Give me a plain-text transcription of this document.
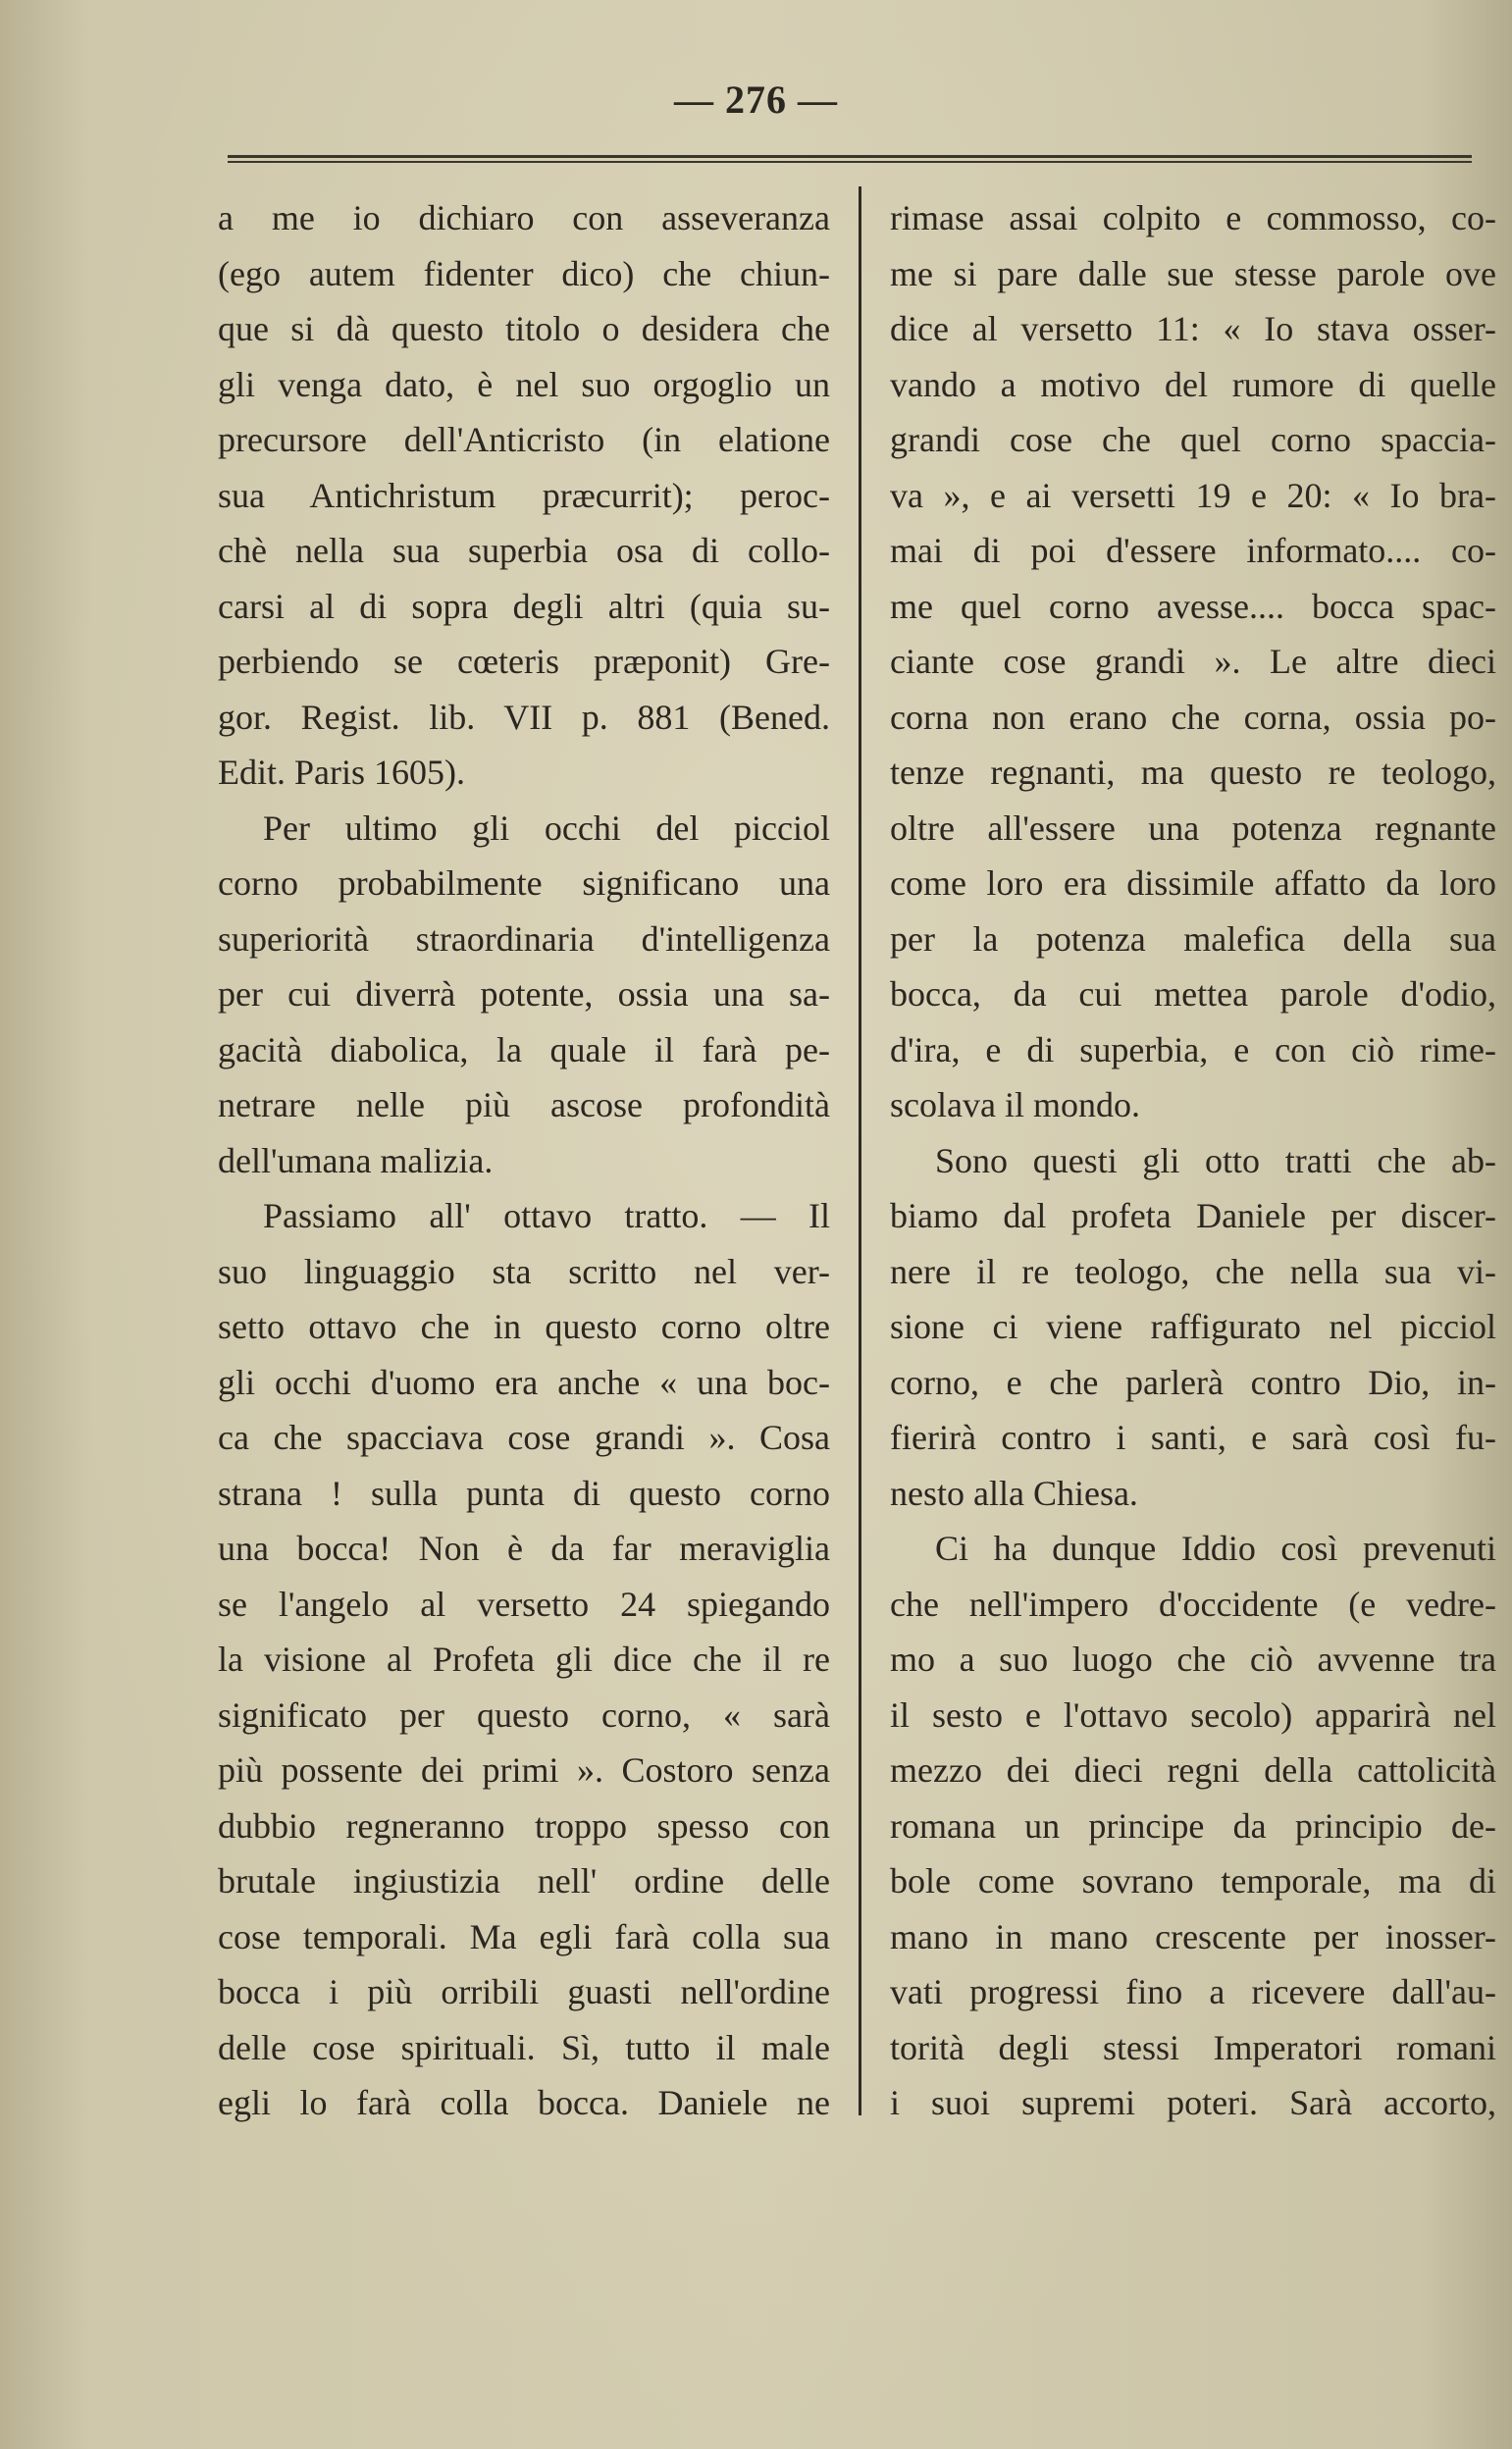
— 276 —
a me io dichiaro con asseveranza
(ego autem fidenter dico) che chiun-
que si dà questo titolo o desidera che
gli venga dato, è nel suo orgoglio un
precursore dell'Anticristo (in elatione
sua Antichristum præcurrit); peroc-
chè nella sua superbia osa di collo-
carsi al di sopra degli altri (quia su-
perbiendo se cœteris præponit) Gre-
gor. Regist. lib. VII p. 881 (Bened.
Edit. Paris 1605).
Per ultimo gli occhi del picciol
corno probabilmente significano una
superiorità straordinaria d'intelligenza
per cui diverrà potente, ossia una sa-
gacità diabolica, la quale il farà pe-
netrare nelle più ascose profondità
dell'umana malizia.
Passiamo all' ottavo tratto. — Il
suo linguaggio sta scritto nel ver-
setto ottavo che in questo corno oltre
gli occhi d'uomo era anche « una boc-
ca che spacciava cose grandi ». Cosa
strana ! sulla punta di questo corno
una bocca! Non è da far meraviglia
se l'angelo al versetto 24 spiegando
la visione al Profeta gli dice che il re
significato per questo corno, « sarà
più possente dei primi ». Costoro senza
dubbio regneranno troppo spesso con
brutale ingiustizia nell' ordine delle
cose temporali. Ma egli farà colla sua
bocca i più orribili guasti nell'ordine
delle cose spirituali. Sì, tutto il male
egli lo farà colla bocca. Daniele ne
rimase assai colpito e commosso, co-
me si pare dalle sue stesse parole ove
dice al versetto 11: « Io stava osser-
vando a motivo del rumore di quelle
grandi cose che quel corno spaccia-
va », e ai versetti 19 e 20: « Io bra-
mai di poi d'essere informato.... co-
me quel corno avesse.... bocca spac-
ciante cose grandi ». Le altre dieci
corna non erano che corna, ossia po-
tenze regnanti, ma questo re teologo,
oltre all'essere una potenza regnante
come loro era dissimile affatto da loro
per la potenza malefica della sua
bocca, da cui mettea parole d'odio,
d'ira, e di superbia, e con ciò rime-
scolava il mondo.
Sono questi gli otto tratti che ab-
biamo dal profeta Daniele per discer-
nere il re teologo, che nella sua vi-
sione ci viene raffigurato nel picciol
corno, e che parlerà contro Dio, in-
fierirà contro i santi, e sarà così fu-
nesto alla Chiesa.
Ci ha dunque Iddio così prevenuti
che nell'impero d'occidente (e vedre-
mo a suo luogo che ciò avvenne tra
il sesto e l'ottavo secolo) apparirà nel
mezzo dei dieci regni della cattolicità
romana un principe da principio de-
bole come sovrano temporale, ma di
mano in mano crescente per inosser-
vati progressi fino a ricevere dall'au-
torità degli stessi Imperatori romani
i suoi supremi poteri. Sarà accorto,
